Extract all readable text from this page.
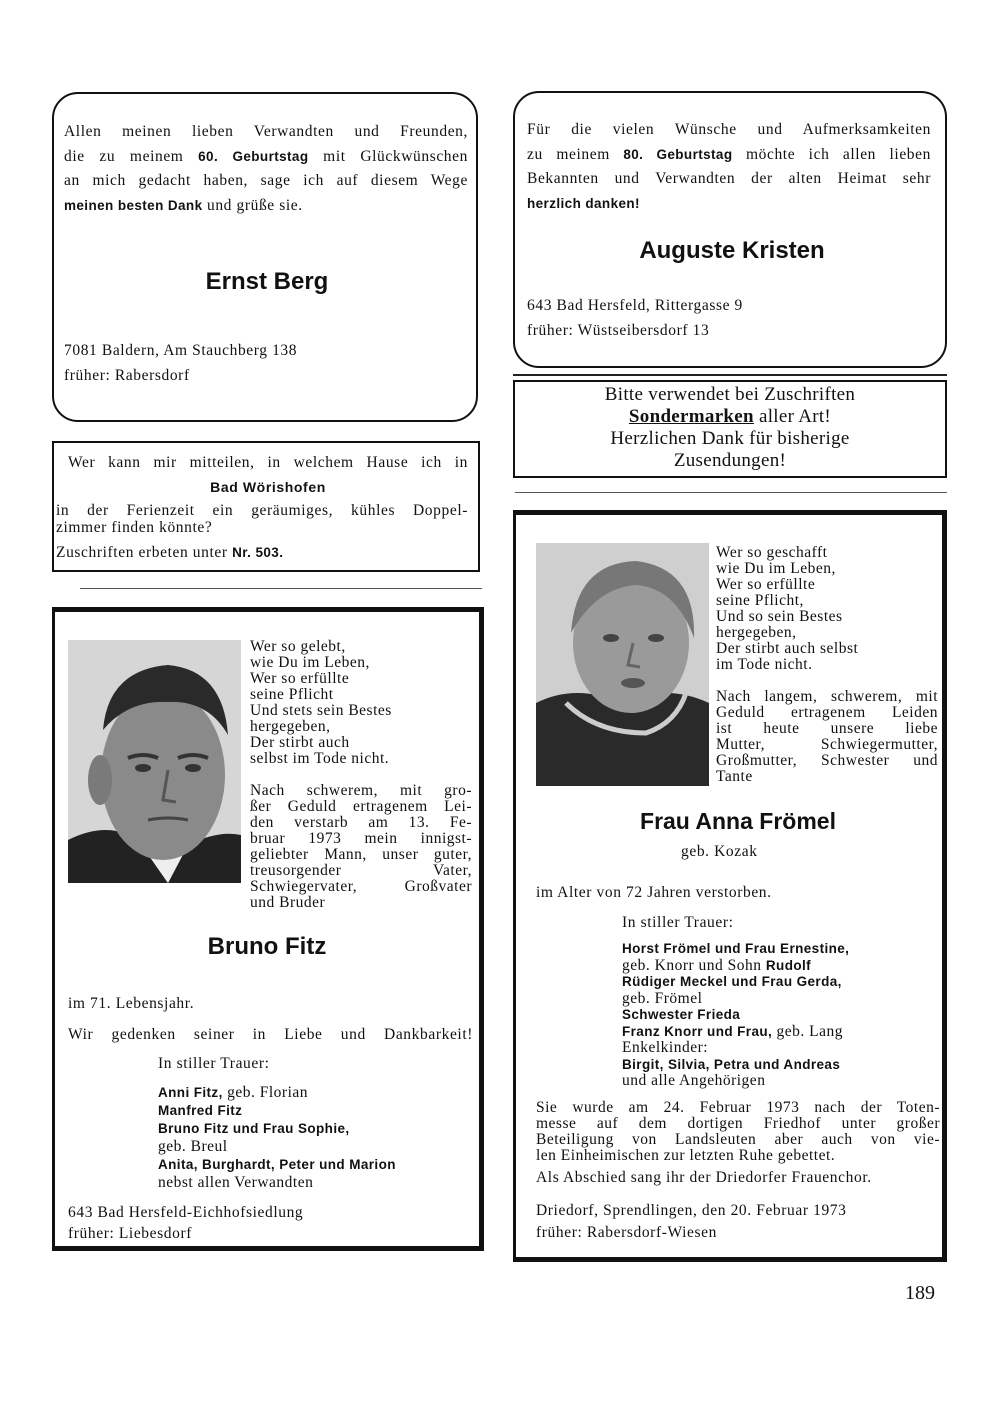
Allen meinen lieben Verwandten und Freunden,
die zu meinem 60. Geburtstag mit Glückwünschen
an mich gedacht haben, sage ich auf diesem Wege
meinen besten Dank und grüße sie.
Ernst Berg
7081 Baldern, Am Stauchberg 138
früher: Rabersdorf
Wer kann mir mitteilen, in welchem Hause ich in
Bad Wörishofen
in der Ferienzeit ein geräumiges, kühles Doppel-
zimmer finden könnte?
Zuschriften erbeten unter Nr. 503.
Für die vielen Wünsche und Aufmerksamkeiten
zu meinem 80. Geburtstag möchte ich allen lieben
Bekannten und Verwandten der alten Heimat sehr
herzlich danken!
Auguste Kristen
643 Bad Hersfeld, Rittergasse 9
früher: Wüstseibersdorf 13
Bitte verwendet bei Zuschriften
Sondermarken aller Art!
Herzlichen Dank für bisherige
Zusendungen!
Wer so gelebt,
wie Du im Leben,
Wer so erfüllte
seine Pflicht
Und stets sein Bestes
hergegeben,
Der stirbt auch
selbst im Tode nicht.
Nach schwerem, mit gro-
ßer Geduld ertragenem Lei-
den verstarb am 13. Fe-
bruar 1973 mein innigst-
geliebter Mann, unser guter,
treusorgender Vater,
Schwiegervater, Großvater
und Bruder
Bruno Fitz
im 71. Lebensjahr.
Wir gedenken seiner in Liebe und Dankbarkeit!
In stiller Trauer:
Anni Fitz, geb. Florian
Manfred Fitz
Bruno Fitz und Frau Sophie,
geb. Breul
Anita, Burghardt, Peter und Marion
nebst allen Verwandten
643 Bad Hersfeld-Eichhofsiedlung
früher: Liebesdorf
Wer so geschafft
wie Du im Leben,
Wer so erfüllte
seine Pflicht,
Und so sein Bestes
hergegeben,
Der stirbt auch selbst
im Tode nicht.
Nach langem, schwerem, mit
Geduld ertragenem Leiden
ist heute unsere liebe
Mutter, Schwiegermutter,
Großmutter, Schwester und
Tante
Frau Anna Frömel
geb. Kozak
im Alter von 72 Jahren verstorben.
In stiller Trauer:
Horst Frömel und Frau Ernestine,
geb. Knorr und Sohn Rudolf
Rüdiger Meckel und Frau Gerda,
geb. Frömel
Schwester Frieda
Franz Knorr und Frau, geb. Lang
Enkelkinder:
Birgit, Silvia, Petra und Andreas
und alle Angehörigen
Sie wurde am 24. Februar 1973 nach der Toten-
messe auf dem dortigen Friedhof unter großer
Beteiligung von Landsleuten aber auch von vie-
len Einheimischen zur letzten Ruhe gebettet.
Als Abschied sang ihr der Driedorfer Frauenchor.
Driedorf, Sprendlingen, den 20. Februar 1973
früher: Rabersdorf-Wiesen
189
